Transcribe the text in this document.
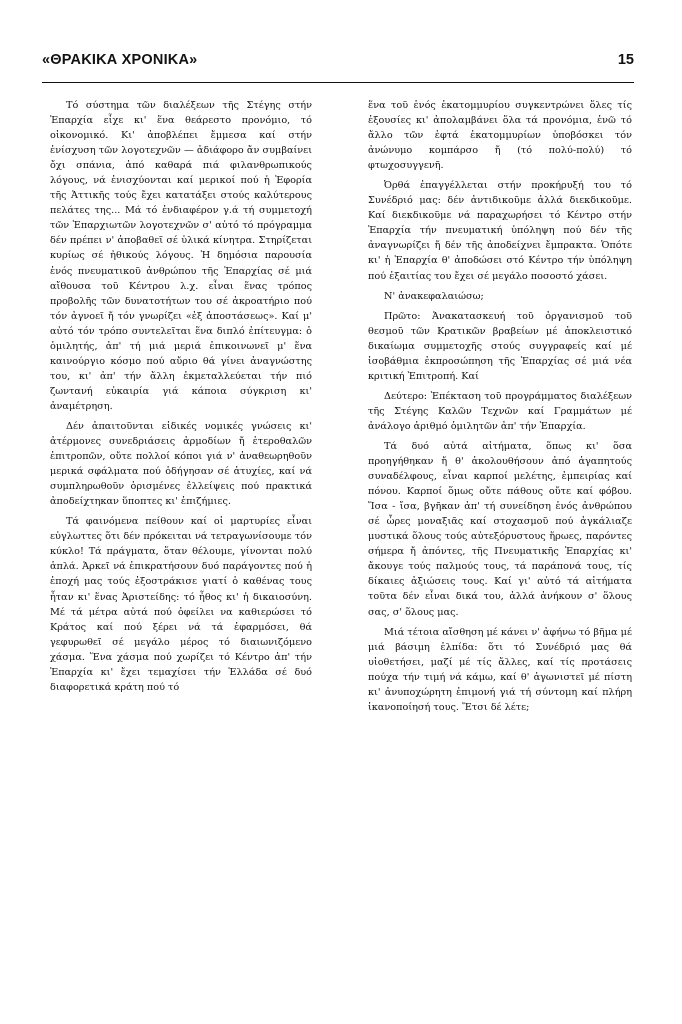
«ΘΡΑΚΙΚΑ ΧΡΟΝΙΚΑ»	15

Τό σύστημα τῶν διαλέξεων τῆς Στέγης στήν Ἐπαρχία εἶχε κι' ἕνα θεάρεστο προνόμιο, τό οἰκονομικό. Κι' ἀποβλέπει ἔμμεσα καί στήν ἐνίσχυση τῶν λογοτεχνῶν — ἀδιάφορο ἄν συμβαίνει ὄχι σπάνια, ἀπό καθαρά πιά φιλανθρωπικούς λόγους, νά ἐνισχύονται καί μερικοί πού ἡ Ἐφορία τῆς Ἀττικῆς τούς ἔχει κατατάξει στούς καλύτερους πελάτες της... Μά τό ἐνδιαφέρον γ.ά τή συμμετοχή τῶν Ἐπαρχιωτῶν λογοτεχνῶν σ' αὐτό τό πρόγραμμα δέν πρέπει ν' ἀποβαθεῖ σέ ὑλικά κίνητρα. Στηρίζεται κυρίως σέ ἠθικούς λόγους. Ἡ δημόσια παρουσία ἑνός πνευματικοῦ ἀνθρώπου τῆς Ἐπαρχίας σέ μιά αἴθουσα τοῦ Κέντρου λ.χ. εἶναι ἕνας τρόπος προβολῆς τῶν δυνατοτήτων του σέ ἀκροατήριο πού τόν ἀγνοεῖ ἤ τόν γνωρίζει «ἐξ ἀποστάσεως». Καί μ' αὐτό τόν τρόπο συντελεῖται ἕνα διπλό ἐπίτευγμα: ὁ ὁμιλητής, ἀπ' τή μιά μεριά ἐπικοινωνεῖ μ' ἕνα καινούργιο κόσμο πού αὔριο θά γίνει ἀναγνώστης του, κι' ἀπ' τήν ἄλλη ἐκμεταλλεύεται τήν πιό ζωντανή εὐκαιρία γιά κάποια σύγκριση κι' ἀναμέτρηση.

Δέν ἀπαιτοῦνται εἰδικές νομικές γνώσεις κι' ἀτέρμονες συνεδριάσεις ἁρμοδίων ἤ ἑτεροθαλῶν ἐπιτροπῶν, οὔτε πολλοί κόποι γιά ν' ἀναθεωρηθοῦν μερικά σφάλματα πού ὁδήγησαν σέ ἀτυχίες, καί νά συμπληρωθοῦν ὁρισμένες ἐλλείψεις πού πρακτικά ἀποδείχτηκαν ὕποπτες κι' ἐπιζήμιες.

Τά φαινόμενα πείθουν καί οἱ μαρτυρίες εἶναι εὐγλωττες ὅτι δέν πρόκειται νά τετραγωνίσουμε τόν κύκλο! Τά πράγματα, ὅταν θέλουμε, γίνονται πολύ ἁπλά. Ἀρκεῖ νά ἐπικρατήσουν δυό παράγοντες πού ἡ ἐποχή μας τούς ἐξοστράκισε γιατί ὁ καθένας τους ἦταν κι' ἕνας Ἀριστείδης: τό ἦθος κι' ἡ δικαιοσύνη. Μέ τά μέτρα αὐτά πού ὀφείλει να καθιερώσει τό Κράτος καί πού ξέρει νά τά ἐφαρμόσει, θά γεφυρωθεῖ σέ μεγάλο μέρος τό διαιωνιζόμενο χάσμα. Ἕνα χάσμα πού χωρίζει τό Κέντρο ἀπ' τήν Ἐπαρχία κι' ἔχει τεμαχίσει τήν Ἑλλάδα σέ δυό διαφορετικά κράτη πού τό

ἕνα τοῦ ἑνός ἑκατομμυρίου συγκεντρώνει ὅλες τίς ἐξουσίες κι' ἀπολαμβάνει ὅλα τά προνόμια, ἐνῶ τό ἄλλο τῶν ἑφτά ἑκατομμυρίων ὑποβόσκει τόν ἀνώνυμο κομπάρσο ἤ (τό πολύ-πολύ) τό φτωχοσυγγενῆ.

Ὀρθά ἐπαγγέλλεται στήν προκήρυξή του τό Συνέδριό μας: δέν ἀντιδικοῦμε ἀλλά διεκδικοῦμε. Καί διεκδικοῦμε νά παραχωρήσει τό Κέντρο στήν Ἐπαρχία τήν πνευματική ὑπόληψη πού δέν τῆς ἀναγνωρίζει ἤ δέν τῆς ἀποδείχνει ἔμπρακτα. Ὁπότε κι' ἡ Ἐπαρχία θ' ἀποδώσει στό Κέντρο τήν ὑπόληψη πού ἐξαιτίας του ἔχει σέ μεγάλο ποσοστό χάσει.

Ν' ἀνακεφαλαιώσω;

Πρῶτο: Ἀνακατασκευή τοῦ ὀργανισμοῦ τοῦ θεσμοῦ τῶν Κρατικῶν βραβείων μέ ἀποκλειστικό δικαίωμα συμμετοχῆς στούς συγγραφείς καί μέ ἰσοβάθμια ἐκπροσώπηση τῆς Ἐπαρχίας σέ μιά νέα κριτική Ἐπιτροπή. Καί

Δεύτερο: Ἐπέκταση τοῦ προγράμματος διαλέξεων τῆς Στέγης Καλῶν Τεχνῶν καί Γραμμάτων μέ ἀνάλογο ἀριθμό ὁμιλητῶν ἀπ' τήν Ἐπαρχία.

Τά δυό αὐτά αἰτήματα, ὅπως κι' ὅσα προηγήθηκαν ἤ θ' ἀκολουθήσουν ἀπό ἀγαπητούς συναδέλφους, εἶναι καρποί μελέτης, ἐμπειρίας καί πόνου. Καρποί ὅμως οὔτε πάθους οὔτε καί φόβου. Ἴσα - ἴσα, βγῆκαν ἀπ' τή συνείδηση ἑνός ἀνθρώπου σέ ὧρες μοναξιᾶς καί στοχασμοῦ πού ἀγκάλιαζε μυστικά ὅλους τούς αὐτεξόρυστους ἥρωες, παρόντες σήμερα ἤ ἀπόντες, τῆς Πνευματικῆς Ἐπαρχίας κι' ἄκουγε τούς παλμούς τους, τά παράπονά τους, τίς δίκαιες ἀξιώσεις τους. Καί γι' αὐτό τά αἰτήματα τοῦτα δέν εἶναι δικά του, ἀλλά ἀνήκουν σ' ὅλους σας, σ' ὅλους μας.

Μιά τέτοια αἴσθηση μέ κάνει ν' ἀφήνω τό βῆμα μέ μιά βάσιμη ἐλπίδα: ὅτι τό Συνέδριό μας θά υἱοθετήσει, μαζί μέ τίς ἄλλες, καί τίς προτάσεις πούχα τήν τιμή νά κάμω, καί θ' ἀγωνιστεῖ μέ πίστη κι' ἀνυποχώρητη ἐπιμονή γιά τή σύντομη καί πλήρη ἱκανοποίησή τους. Ἔτσι δέ λέτε;
